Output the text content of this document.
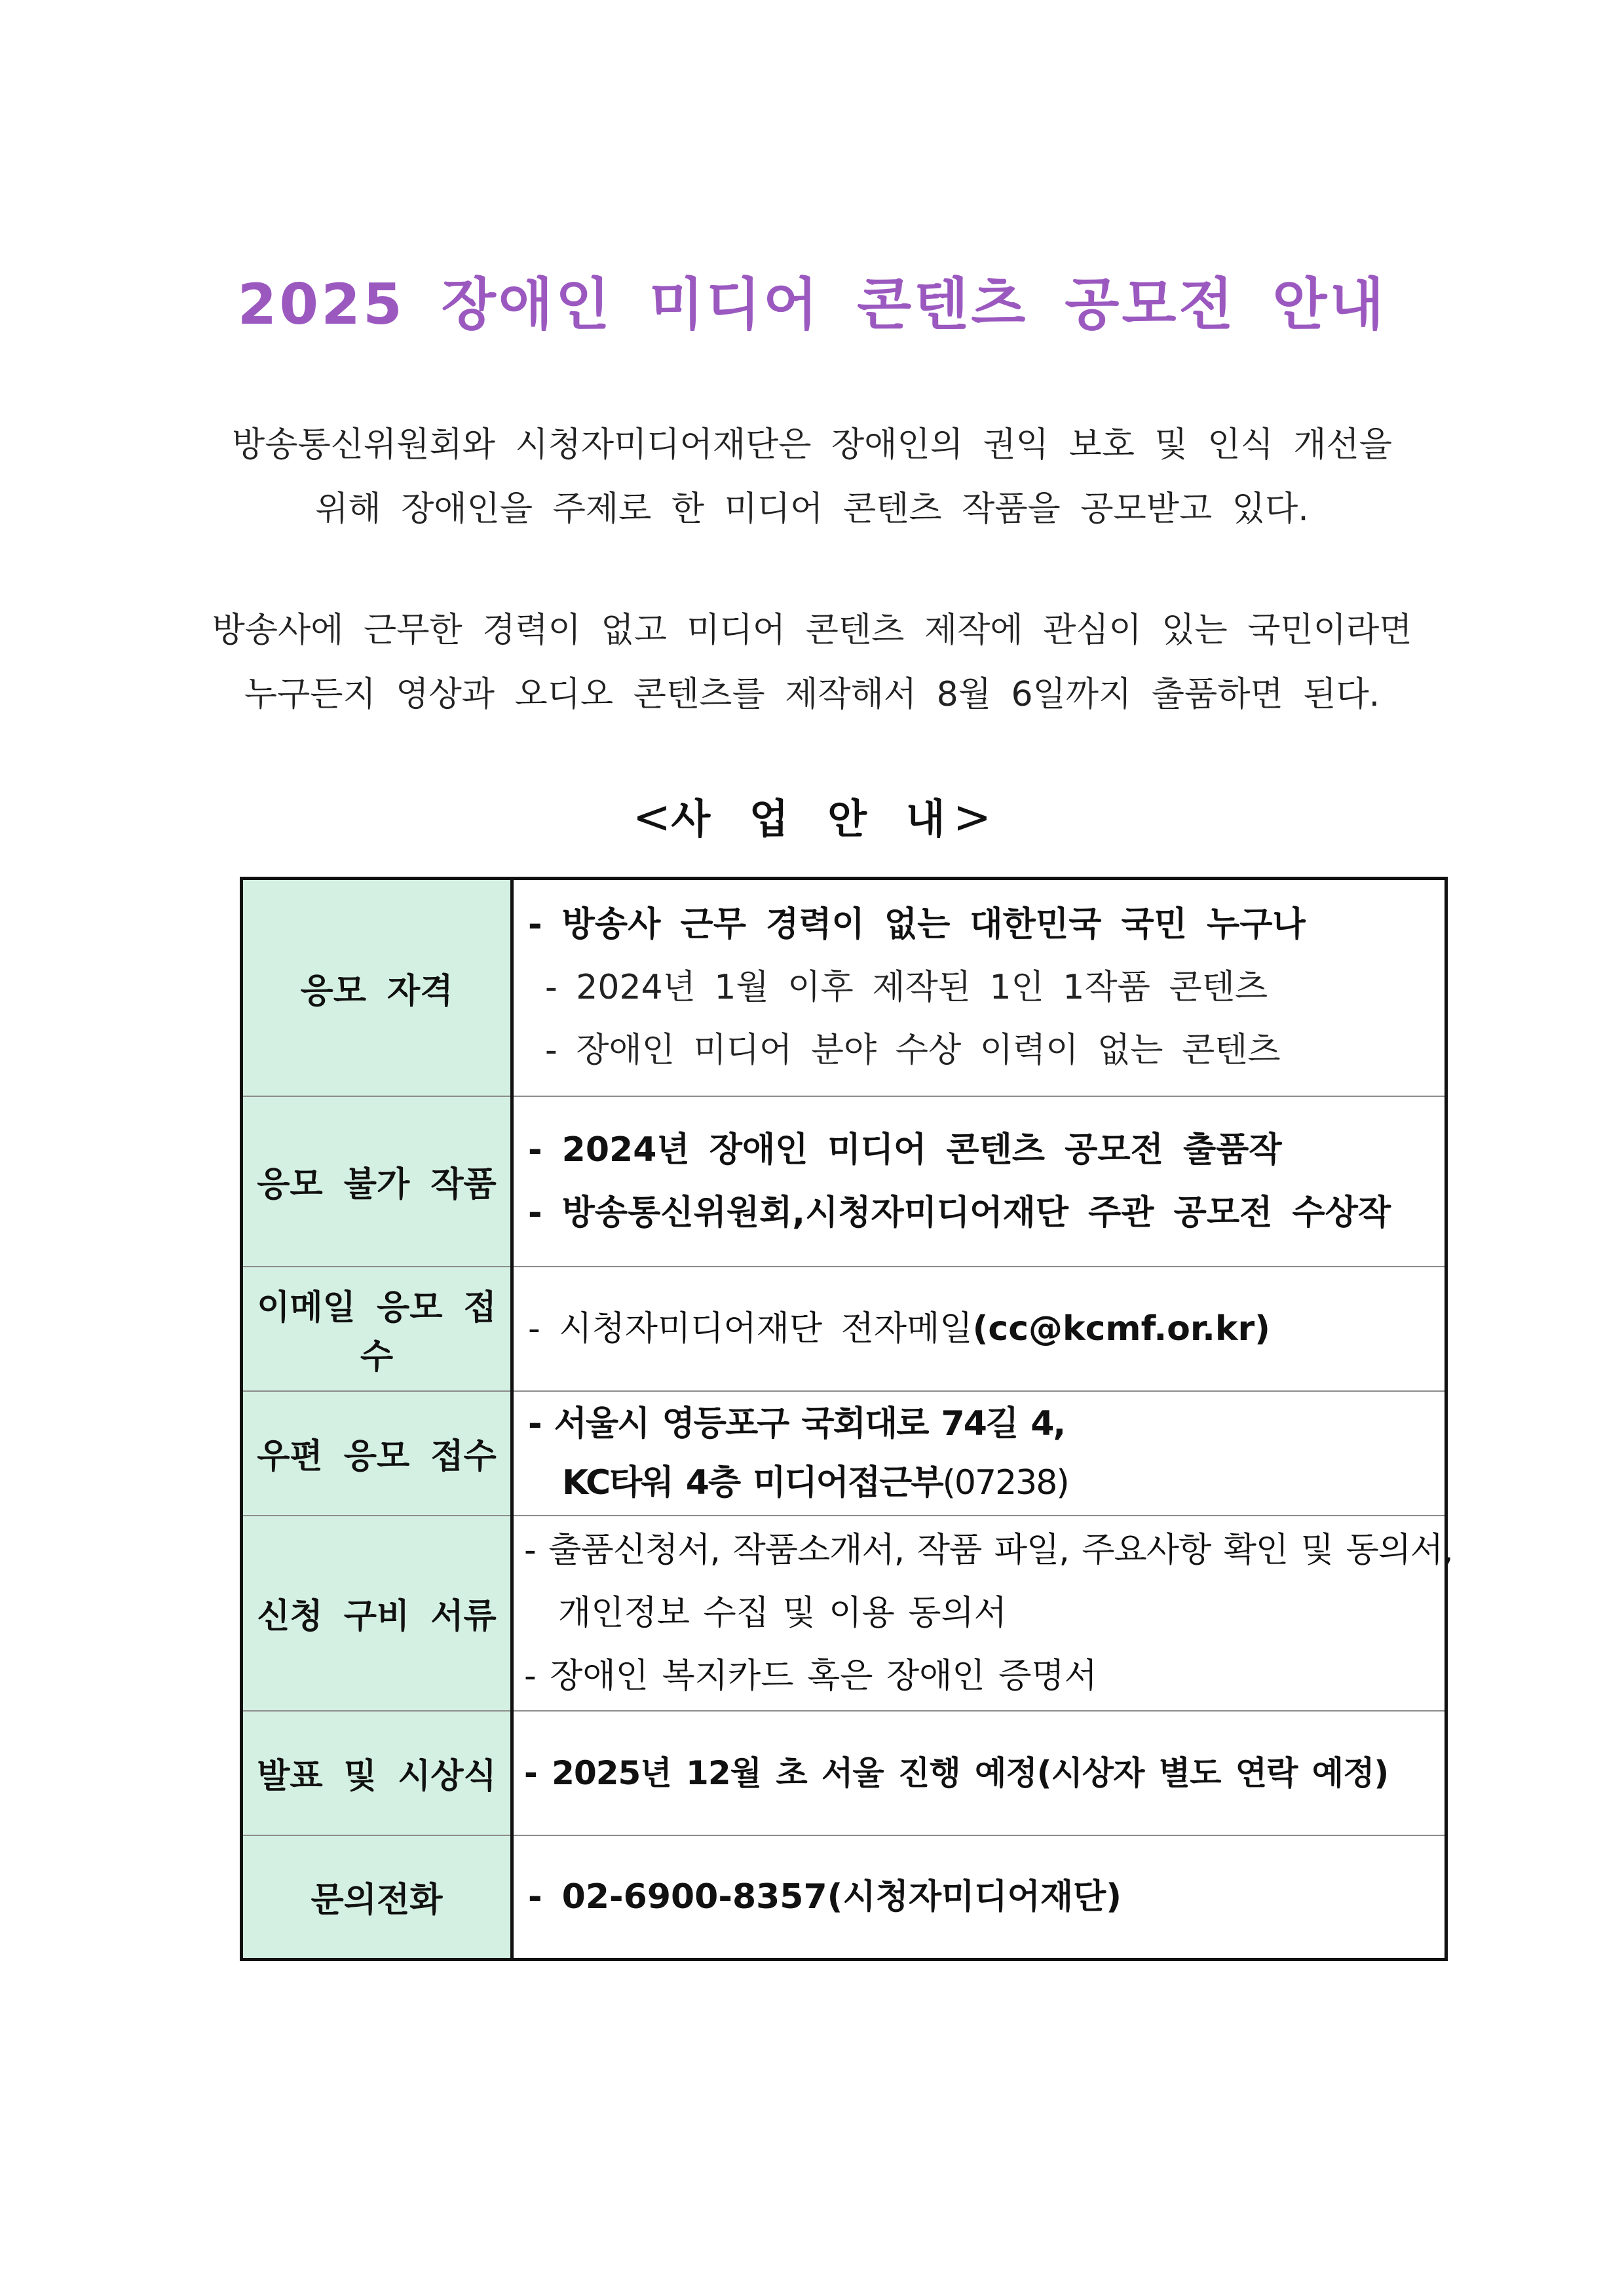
2025 장애인 미디어 콘텐츠 공모전 안내
방송통신위원회와 시청자미디어재단은 장애인의 권익 보호 및 인식 개선을
위해 장애인을 주제로 한 미디어 콘텐츠 작품을 공모받고 있다.
방송사에 근무한 경력이 없고 미디어 콘텐츠 제작에 관심이 있는 국민이라면
누구든지 영상과 오디오 콘텐츠를 제작해서 8월 6일까지 출품하면 된다.
<사 업 안 내>
응모 자격	- 방송사 근무 경력이 없는 대한민국 국민 누구나
- 2024년 1월 이후 제작된 1인 1작품 콘텐츠
- 장애인 미디어 분야 수상 이력이 없는 콘텐츠

응모 불가 작품	- 2024년 장애인 미디어 콘텐츠 공모전 출품작
- 방송통신위원회,시청자미디어재단 주관 공모전 수상작

이메일 응모 접수	- 시청자미디어재단 전자메일(cc@kcmf.or.kr)

우편 응모 접수	- 서울시 영등포구 국회대로 74길 4,
KC타워 4층 미디어접근부(07238)

신청 구비 서류	- 출품신청서, 작품소개서, 작품 파일, 주요사항 확인 및 동의서,
개인정보 수집 및 이용 동의서
- 장애인 복지카드 혹은 장애인 증명서

발표 및 시상식	- 2025년 12월 초 서울 진행 예정(시상자 별도 연락 예정)

문의전화	- 02-6900-8357(시청자미디어재단)
